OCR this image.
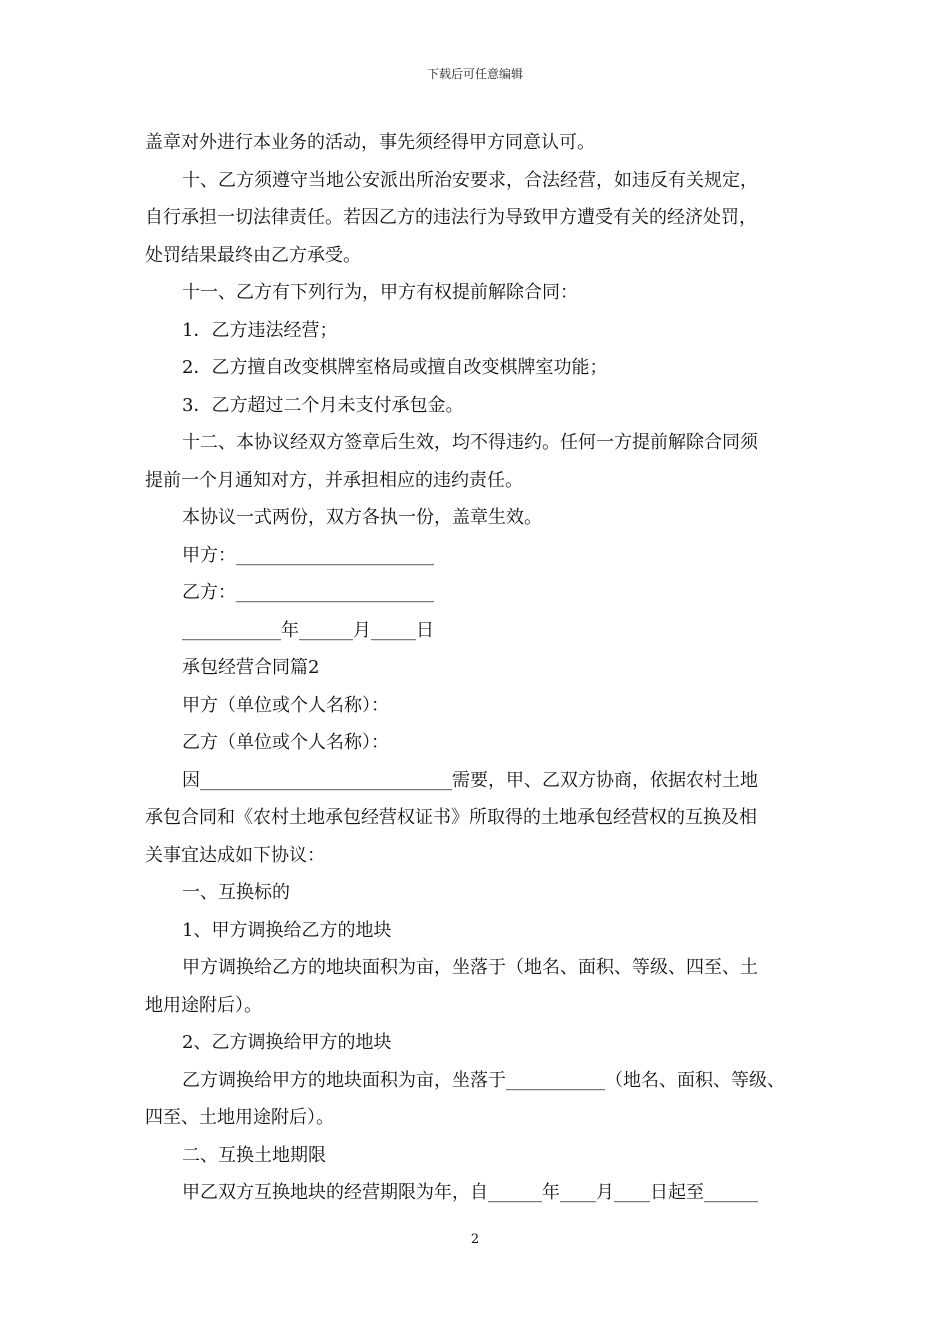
下载后可任意编辑

盖章对外进行本业务的活动，事先须经得甲方同意认可。

十、乙方须遵守当地公安派出所治安要求，合法经营，如违反有关规定，

自行承担一切法律责任。若因乙方的违法行为导致甲方遭受有关的经济处罚，

处罚结果最终由乙方承受。

十一、乙方有下列行为，甲方有权提前解除合同：

1．乙方违法经营；

2．乙方擅自改变棋牌室格局或擅自改变棋牌室功能；

3．乙方超过二个月未支付承包金。

十二、本协议经双方签章后生效，均不得违约。任何一方提前解除合同须

提前一个月通知对方，并承担相应的违约责任。

本协议一式两份，双方各执一份，盖章生效。

甲方：______________________

乙方：______________________

___________年______月_____日

承包经营合同篇2

甲方（单位或个人名称）：

乙方（单位或个人名称）：

因____________________________需要，甲、乙双方协商，依据农村土地

承包合同和《农村土地承包经营权证书》所取得的土地承包经营权的互换及相

关事宜达成如下协议：

一、互换标的

1、甲方调换给乙方的地块

甲方调换给乙方的地块面积为亩，坐落于（地名、面积、等级、四至、土

地用途附后）。

2、乙方调换给甲方的地块

乙方调换给甲方的地块面积为亩，坐落于___________（地名、面积、等级、

四至、土地用途附后）。

二、互换土地期限

甲乙双方互换地块的经营期限为年，自______年____月____日起至______

2
